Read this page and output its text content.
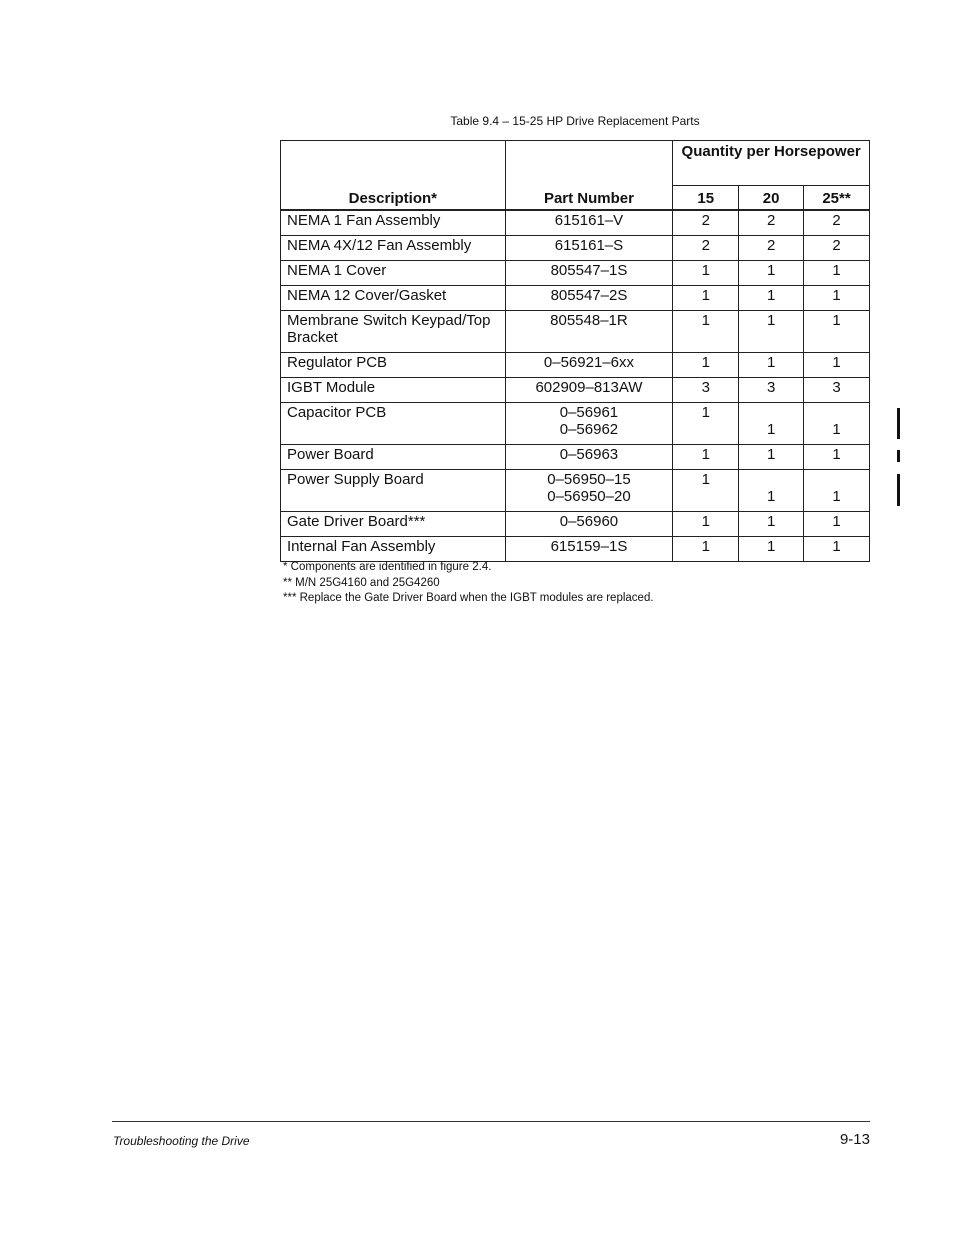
Table 9.4 – 15-25 HP Drive Replacement Parts
Description*	Part Number	Quantity per Horsepower		
		15	20	25**
NEMA 1 Fan Assembly	615161–V	2	2	2

NEMA 4X/12 Fan Assembly	615161–S	2	2	2

NEMA 1 Cover	805547–1S	1	1	1

NEMA 12 Cover/Gasket	805547–2S	1	1	1

Membrane Switch Keypad/Top Bracket	805548–1R	1	1	1

Regulator PCB	0–56921–6xx	1	1	1

IGBT Module	602909–813AW	3	3	3

Capacitor PCB	0–56961
0–56962	1	1	1

Power Board	0–56963	1	1	1

Power Supply Board	0–56950–15
0–56950–20	1	1	1

Gate Driver Board***	0–56960	1	1	1

Internal Fan Assembly	615159–1S	1	1	1
* Components are identified in figure 2.4.
** M/N 25G4160 and 25G4260
*** Replace the Gate Driver Board when the IGBT modules are replaced.
Troubleshooting the Drive	9-13
